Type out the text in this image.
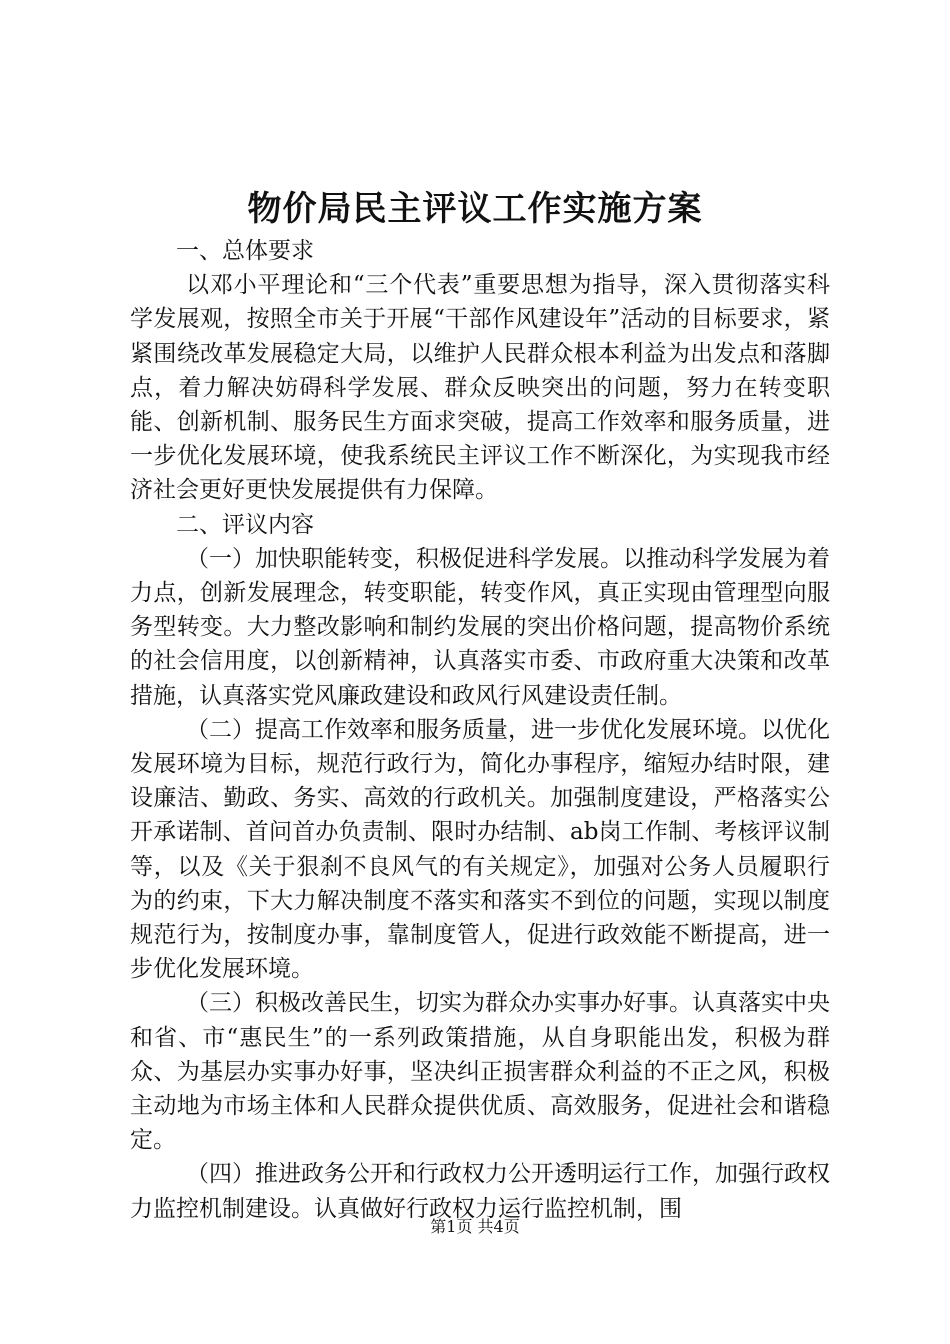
物价局民主评议工作实施方案

一、总体要求

以邓小平理论和“三个代表”重要思想为指导，深入贯彻落实科学发展观，按照全市关于开展“干部作风建设年”活动的目标要求，紧紧围绕改革发展稳定大局，以维护人民群众根本利益为出发点和落脚点，着力解决妨碍科学发展、群众反映突出的问题，努力在转变职能、创新机制、服务民生方面求突破，提高工作效率和服务质量，进一步优化发展环境，使我系统民主评议工作不断深化，为实现我市经济社会更好更快发展提供有力保障。

二、评议内容

（一）加快职能转变，积极促进科学发展。以推动科学发展为着力点，创新发展理念，转变职能，转变作风，真正实现由管理型向服务型转变。大力整改影响和制约发展的突出价格问题，提高物价系统的社会信用度，以创新精神，认真落实市委、市政府重大决策和改革措施，认真落实党风廉政建设和政风行风建设责任制。

（二）提高工作效率和服务质量，进一步优化发展环境。以优化发展环境为目标，规范行政行为，简化办事程序，缩短办结时限，建设廉洁、勤政、务实、高效的行政机关。加强制度建设，严格落实公开承诺制、首问首办负责制、限时办结制、ab岗工作制、考核评议制等，以及《关于狠刹不良风气的有关规定》，加强对公务人员履职行为的约束，下大力解决制度不落实和落实不到位的问题，实现以制度规范行为，按制度办事，靠制度管人，促进行政效能不断提高，进一步优化发展环境。

（三）积极改善民生，切实为群众办实事办好事。认真落实中央和省、市“惠民生”的一系列政策措施，从自身职能出发，积极为群众、为基层办实事办好事，坚决纠正损害群众利益的不正之风，积极主动地为市场主体和人民群众提供优质、高效服务，促进社会和谐稳定。

（四）推进政务公开和行政权力公开透明运行工作，加强行政权力监控机制建设。认真做好行政权力运行监控机制，围

第1页 共4页
